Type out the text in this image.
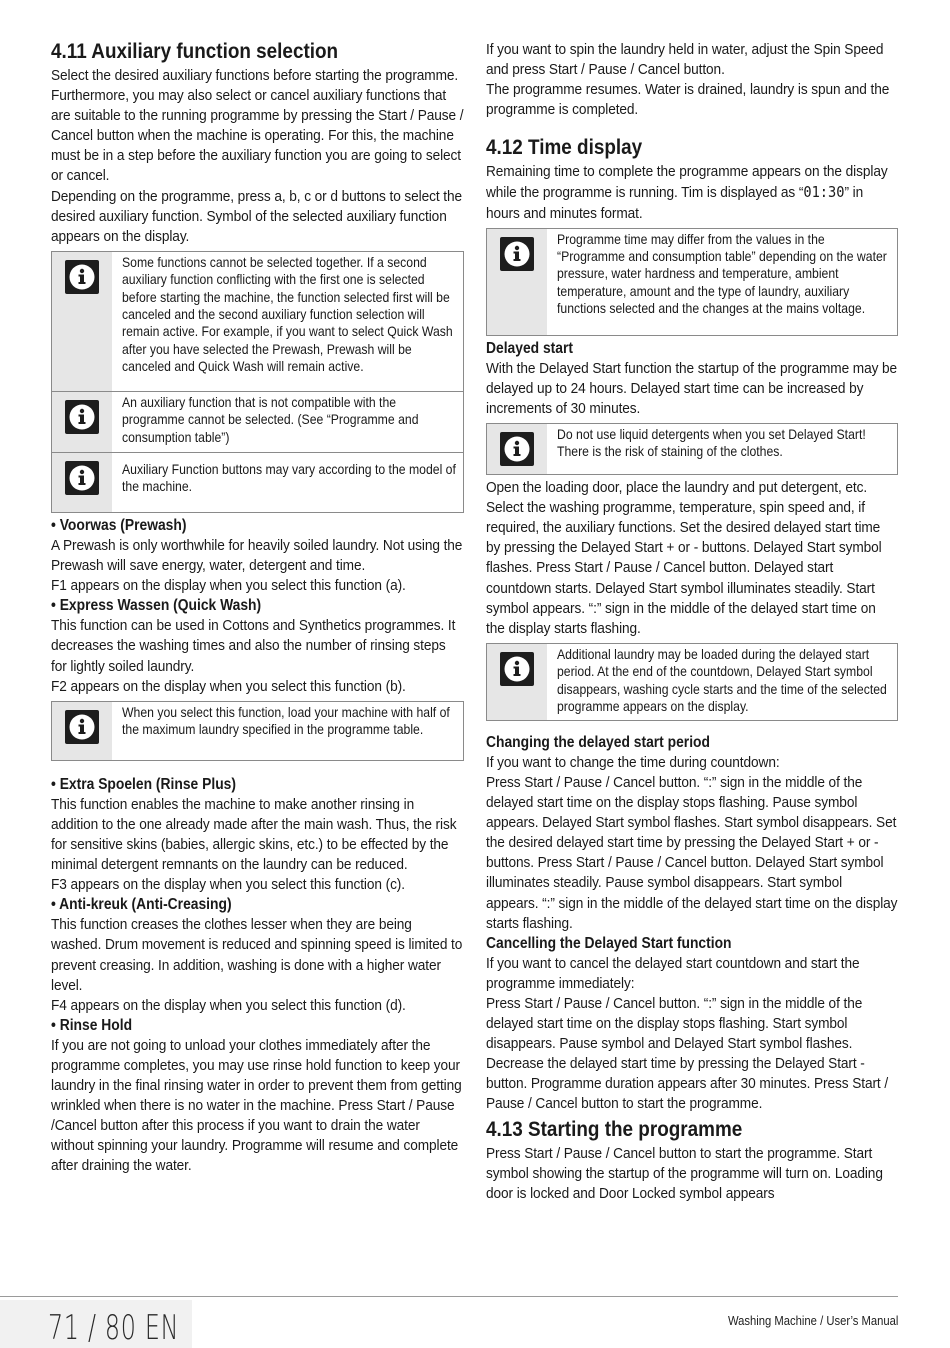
4.11 Auxiliary function selection

Select the desired auxiliary functions before starting the programme. Furthermore, you may also select or cancel auxiliary functions that are suitable to the running programme by pressing the Start / Pause / Cancel button when the machine is operating. For this, the machine must be in a step before the auxiliary function you are going to select or cancel.

Depending on the programme, press a, b, c or d buttons to select the desired auxiliary function. Symbol of the selected auxiliary function appears on the display.

Some functions cannot be selected together. If a second auxiliary function conflicting with the first one is selected before starting the machine, the function selected first will be canceled and the second auxiliary function selection will remain active. For example, if you want to select Quick Wash after you have selected the Prewash, Prewash will be canceled and Quick Wash will remain active.
An auxiliary function that is not compatible with the programme cannot be selected. (See “Programme and consumption table”)
Auxiliary Function buttons may vary according to the model of the machine.

• Voorwas (Prewash)

A Prewash is only worthwhile for heavily soiled laundry. Not using the Prewash will save energy, water, detergent and time.

F1 appears on the display when you select this function (a).

• Express Wassen (Quick Wash)

This function can be used in Cottons and Synthetics programmes. It decreases the washing times and also the number of rinsing steps for lightly soiled laundry.

F2 appears on the display when you select this function (b).

When you select this function, load your machine with half of the maximum laundry specified in the programme table.

• Extra Spoelen (Rinse Plus)

This function enables the machine to make another rinsing in addition to the one already made after the main wash. Thus, the risk for sensitive skins (babies, allergic skins, etc.) to be effected by the minimal detergent remnants on the laundry can be reduced.

F3 appears on the display when you select this function (c).

• Anti-kreuk (Anti-Creasing)

This function creases the clothes lesser when they are being washed. Drum movement is reduced and spinning speed is limited to prevent creasing. In addition, washing is done with a higher water level.

F4 appears on the display when you select this function (d).

• Rinse Hold

If you are not going to unload your clothes immediately after the programme completes, you may use rinse hold function to keep your laundry in the final rinsing water in order to prevent them from getting wrinkled when there is no water in the machine. Press Start / Pause /Cancel button after this process if you want to drain the water without spinning your laundry. Programme will resume and complete after draining the water.

If you want to spin the laundry held in water, adjust the Spin Speed and press Start / Pause / Cancel button.

The programme resumes. Water is drained, laundry is spun and the programme is completed.

4.12 Time display

Remaining time to complete the programme appears on the display while the programme is running. Tim is displayed as “01:30” in hours and minutes format.

Programme time may differ from the values in the “Programme and consumption table” depending on the water pressure, water hardness and temperature, ambient temperature, amount and the type of laundry, auxiliary functions selected and the changes at the mains voltage.

Delayed start

With the Delayed Start function the startup of the programme may be delayed up to 24 hours. Delayed start time can be increased by increments of 30 minutes.

Do not use liquid detergents when you set Delayed Start! There is the risk of staining of the clothes.

Open the loading door, place the laundry and put detergent, etc. Select the washing programme, temperature, spin speed and, if required, the auxiliary functions. Set the desired delayed start time by pressing the Delayed Start + or - buttons. Delayed Start symbol flashes. Press Start / Pause / Cancel button. Delayed start countdown starts. Delayed Start symbol illuminates steadily. Start symbol appears. “:” sign in the middle of the delayed start time on the display starts flashing.

Additional laundry may be loaded during the delayed start period. At the end of the countdown, Delayed Start symbol disappears, washing cycle starts and the time of the selected programme appears on the display.

Changing the delayed start period

If you want to change the time during countdown:

Press Start / Pause / Cancel button. “:” sign in the middle of the delayed start time on the display stops flashing. Pause symbol appears. Delayed Start symbol flashes. Start symbol disappears. Set the desired delayed start time by pressing the Delayed Start + or - buttons. Press Start / Pause / Cancel button. Delayed Start symbol illuminates steadily. Pause symbol disappears. Start symbol appears. “:” sign in the middle of the delayed start time on the display starts flashing.

Cancelling the Delayed Start function

If you want to cancel the delayed start countdown and start the programme immediately:

Press Start / Pause / Cancel button. “:” sign in the middle of the delayed start time on the display stops flashing. Start symbol disappears. Pause symbol and Delayed Start symbol flashes. Decrease the delayed start time by pressing the Delayed Start - button. Programme duration appears after 30 minutes. Press Start / Pause / Cancel button to start the programme.

4.13 Starting the programme

Press Start / Pause / Cancel button to start the programme. Start symbol showing the startup of the programme will turn on. Loading door is locked and Door Locked symbol appears

71 / 80 EN	Washing Machine / User’s Manual
